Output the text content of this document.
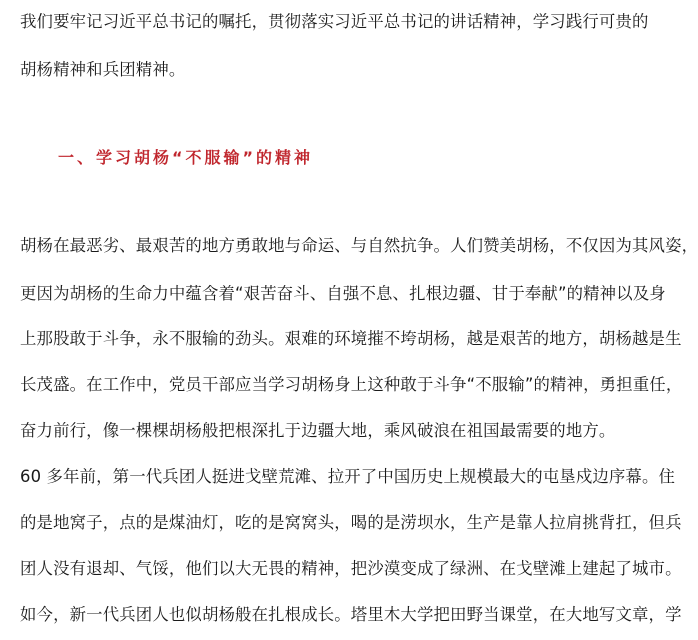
我们要牢记习近平总书记的嘱托，贯彻落实习近平总书记的讲话精神，学习践行可贵的
胡杨精神和兵团精神。
一、学习胡杨“不服输”的精神
胡杨在最恶劣、最艰苦的地方勇敢地与命运、与自然抗争。人们赞美胡杨，不仅因为其风姿，
更因为胡杨的生命力中蕴含着“艰苦奋斗、自强不息、扎根边疆、甘于奉献”的精神以及身
上那股敢于斗争，永不服输的劲头。艰难的环境摧不垮胡杨，越是艰苦的地方，胡杨越是生
长茂盛。在工作中，党员干部应当学习胡杨身上这种敢于斗争“不服输”的精神，勇担重任，
奋力前行，像一棵棵胡杨般把根深扎于边疆大地，乘风破浪在祖国最需要的地方。
60 多年前，第一代兵团人挺进戈壁荒滩、拉开了中国历史上规模最大的屯垦戍边序幕。住
的是地窝子，点的是煤油灯，吃的是窝窝头，喝的是涝坝水，生产是靠人拉肩挑背扛，但兵
团人没有退却、气馁，他们以大无畏的精神，把沙漠变成了绿洲、在戈壁滩上建起了城市。
如今，新一代兵团人也似胡杨般在扎根成长。塔里木大学把田野当课堂，在大地写文章，学
